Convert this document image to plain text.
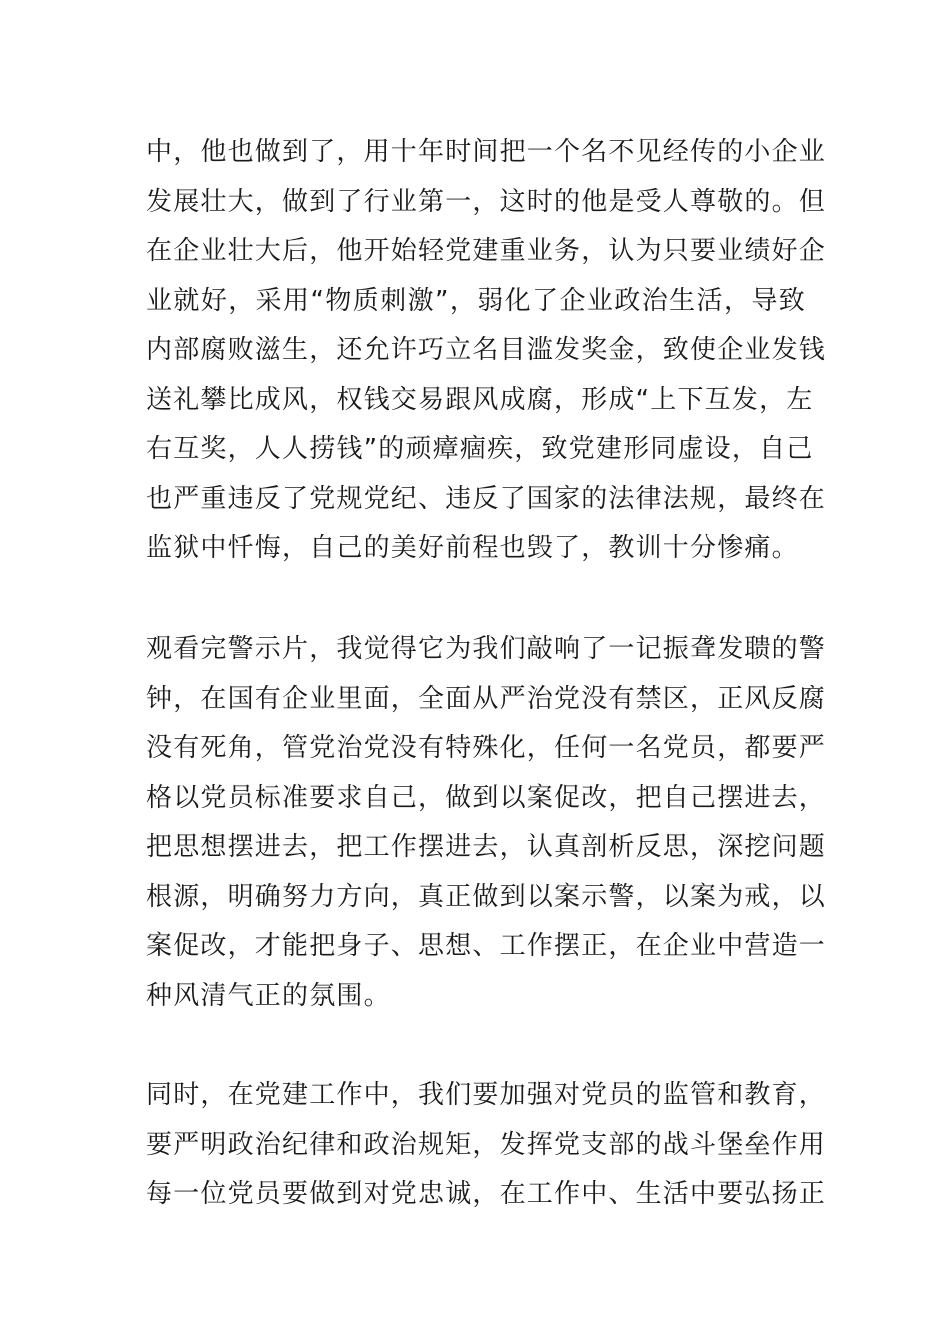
中，他也做到了，用十年时间把一个名不见经传的小企业
发展壮大，做到了行业第一，这时的他是受人尊敬的。但
在企业壮大后，他开始轻党建重业务，认为只要业绩好企
业就好，采用“物质刺激”，弱化了企业政治生活，导致
内部腐败滋生，还允许巧立名目滥发奖金，致使企业发钱
送礼攀比成风，权钱交易跟风成腐，形成“上下互发，左
右互奖，人人捞钱”的顽瘴痼疾，致党建形同虚设，自己
也严重违反了党规党纪、违反了国家的法律法规，最终在
监狱中忏悔，自己的美好前程也毁了，教训十分惨痛。
观看完警示片，我觉得它为我们敲响了一记振聋发聩的警
钟，在国有企业里面，全面从严治党没有禁区，正风反腐
没有死角，管党治党没有特殊化，任何一名党员，都要严
格以党员标准要求自己，做到以案促改，把自己摆进去，
把思想摆进去，把工作摆进去，认真剖析反思，深挖问题
根源，明确努力方向，真正做到以案示警，以案为戒，以
案促改，才能把身子、思想、工作摆正，在企业中营造一
种风清气正的氛围。
同时，在党建工作中，我们要加强对党员的监管和教育，
要严明政治纪律和政治规矩，发挥党支部的战斗堡垒作用
每一位党员要做到对党忠诚，在工作中、生活中要弘扬正
